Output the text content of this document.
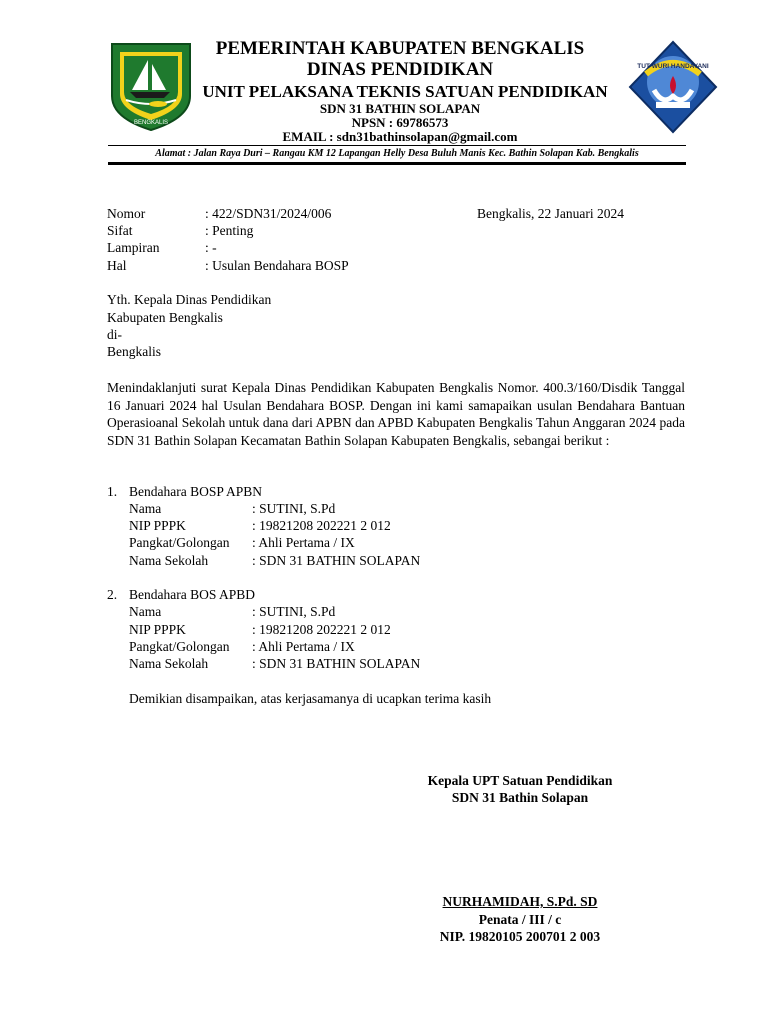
BENGKALIS
TUT WURI HANDAYANI
PEMERINTAH KABUPATEN BENGKALIS
DINAS PENDIDIKAN
UNIT PELAKSANA TEKNIS SATUAN PENDIDIKAN
SDN 31 BATHIN SOLAPAN
NPSN : 69786573
EMAIL : sdn31bathinsolapan@gmail.com
Alamat : Jalan Raya Duri – Rangau KM 12 Lapangan Helly Desa Buluh Manis Kec. Bathin Solapan Kab. Bengkalis
Nomor	: 422/SDN31/2024/006	Bengkalis, 22 Januari 2024
Sifat	: Penting
Lampiran	: -
Hal	: Usulan Bendahara BOSP
Yth. Kepala Dinas Pendidikan
Kabupaten Bengkalis
di-
Bengkalis
Menindaklanjuti surat Kepala Dinas Pendidikan Kabupaten Bengkalis Nomor. 400.3/160/Disdik Tanggal 16 Januari 2024 hal Usulan Bendahara BOSP. Dengan ini kami samapaikan usulan Bendahara Bantuan Operasioanal Sekolah untuk dana dari APBN dan APBD Kabupaten Bengkalis Tahun Anggaran 2024 pada SDN 31 Bathin Solapan Kecamatan Bathin Solapan Kabupaten Bengkalis, sebangai berikut :
1. Bendahara BOSP APBN
Nama	: SUTINI, S.Pd
NIP PPPK	: 19821208 202221 2 012
Pangkat/Golongan : Ahli Pertama / IX
Nama Sekolah	: SDN 31 BATHIN SOLAPAN
2. Bendahara BOS APBD
Nama	: SUTINI, S.Pd
NIP PPPK	: 19821208 202221 2 012
Pangkat/Golongan : Ahli Pertama / IX
Nama Sekolah	: SDN 31 BATHIN SOLAPAN
Demikian disampaikan, atas kerjasamanya di ucapkan terima kasih
Kepala UPT Satuan Pendidikan
SDN 31 Bathin Solapan
NURHAMIDAH, S.Pd. SD
Penata / III / c
NIP. 19820105 200701 2 003
